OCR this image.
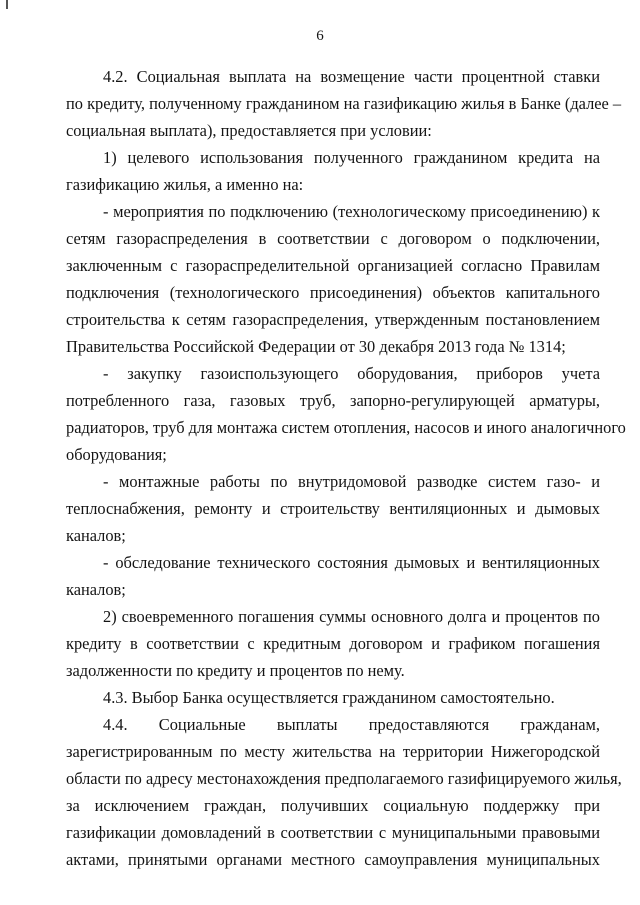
6
4.2. Социальная выплата на возмещение части процентной ставки
по кредиту, полученному гражданином на газификацию жилья в Банке (далее –
социальная выплата), предоставляется при условии:
1) целевого использования полученного гражданином кредита на
газификацию жилья, а именно на:
- мероприятия по подключению (технологическому присоединению) к
сетям газораспределения в соответствии с договором о подключении,
заключенным с газораспределительной организацией согласно Правилам
подключения (технологического присоединения) объектов капитального
строительства к сетям газораспределения, утвержденным постановлением
Правительства Российской Федерации от 30 декабря 2013 года № 1314;
- закупку газоиспользующего оборудования, приборов учета
потребленного газа, газовых труб, запорно-регулирующей арматуры,
радиаторов, труб для монтажа систем отопления, насосов и иного аналогичного
оборудования;
- монтажные работы по внутридомовой разводке систем газо- и
теплоснабжения, ремонту и строительству вентиляционных и дымовых
каналов;
- обследование технического состояния дымовых и вентиляционных
каналов;
2) своевременного погашения суммы основного долга и процентов по
кредиту в соответствии с кредитным договором и графиком погашения
задолженности по кредиту и процентов по нему.
4.3. Выбор Банка осуществляется гражданином самостоятельно.
4.4. Социальные выплаты предоставляются гражданам,
зарегистрированным по месту жительства на территории Нижегородской
области по адресу местонахождения предполагаемого газифицируемого жилья,
за исключением граждан, получивших социальную поддержку при
газификации домовладений в соответствии с муниципальными правовыми
актами, принятыми органами местного самоуправления муниципальных
